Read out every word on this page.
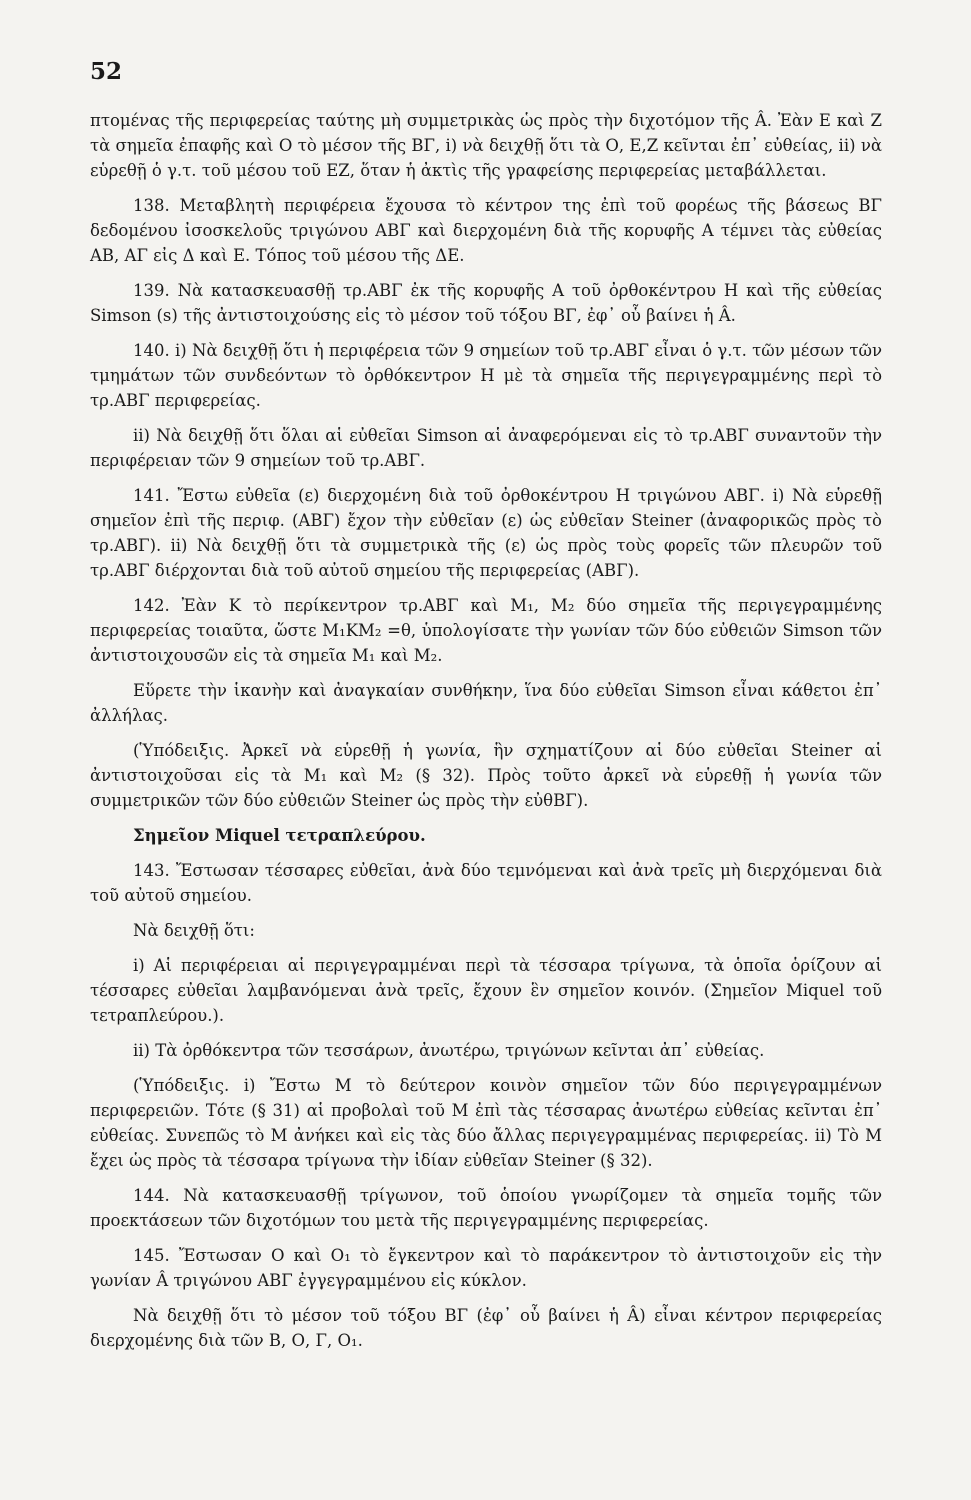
52

πτομένας τῆς περιφερείας ταύτης μὴ συμμετρικὰς ὡς πρὸς τὴν διχοτόμον τῆς Â. Ἐὰν Ε καὶ Ζ τὰ σημεῖα ἐπαφῆς καὶ Ο τὸ μέσον τῆς ΒΓ, i) νὰ δειχθῇ ὅτι τὰ Ο, Ε,Ζ κεῖνται ἐπ᾽ εὐθείας, ii) νὰ εὑρεθῇ ὁ γ.τ. τοῦ μέσου τοῦ ΕΖ, ὅταν ἡ ἀκτὶς τῆς γραφείσης περιφερείας μεταβάλλεται.

138. Μεταβλητὴ περιφέρεια ἔχουσα τὸ κέντρον της ἐπὶ τοῦ φορέως τῆς βάσεως ΒΓ δεδομένου ἰσοσκελοῦς τριγώνου ΑΒΓ καὶ διερχομένη διὰ τῆς κορυφῆς Α τέμνει τὰς εὐθείας ΑΒ, ΑΓ εἰς Δ καὶ Ε. Τόπος τοῦ μέσου τῆς ΔΕ.

139. Νὰ κατασκευασθῇ τρ.ΑΒΓ ἐκ τῆς κορυφῆς Α τοῦ ὀρθοκέντρου Η καὶ τῆς εὐθείας Simson (s) τῆς ἀντιστοιχούσης εἰς τὸ μέσον τοῦ τόξου ΒΓ, ἐφ᾽ οὗ βαίνει ἡ Â.

140. i) Νὰ δειχθῇ ὅτι ἡ περιφέρεια τῶν 9 σημείων τοῦ τρ.ΑΒΓ εἶναι ὁ γ.τ. τῶν μέσων τῶν τμημάτων τῶν συνδεόντων τὸ ὀρθόκεντρον Η μὲ τὰ σημεῖα τῆς περιγεγραμμένης περὶ τὸ τρ.ΑΒΓ περιφερείας.

ii) Νὰ δειχθῇ ὅτι ὅλαι αἱ εὐθεῖαι Simson αἱ ἀναφερόμεναι εἰς τὸ τρ.ΑΒΓ συναντοῦν τὴν περιφέρειαν τῶν 9 σημείων τοῦ τρ.ΑΒΓ.

141. Ἔστω εὐθεῖα (ε) διερχομένη διὰ τοῦ ὀρθοκέντρου Η τριγώνου ΑΒΓ. i) Νὰ εὑρεθῇ σημεῖον ἐπὶ τῆς περιφ. (ΑΒΓ) ἔχον τὴν εὐθεῖαν (ε) ὡς εὐθεῖαν Steiner (ἀναφορικῶς πρὸς τὸ τρ.ΑΒΓ). ii) Νὰ δειχθῇ ὅτι τὰ συμμετρικὰ τῆς (ε) ὡς πρὸς τοὺς φορεῖς τῶν πλευρῶν τοῦ τρ.ΑΒΓ διέρχονται διὰ τοῦ αὐτοῦ σημείου τῆς περιφερείας (ΑΒΓ).

142. Ἐὰν Κ τὸ περίκεντρον τρ.ΑΒΓ καὶ M₁, M₂ δύο σημεῖα τῆς περιγεγραμμένης περιφερείας τοιαῦτα, ὥστε M₁KM₂ =θ, ὑπολογίσατε τὴν γωνίαν τῶν δύο εὐθειῶν Simson τῶν ἀντιστοιχουσῶν εἰς τὰ σημεῖα M₁ καὶ M₂.

Εὕρετε τὴν ἱκανὴν καὶ ἀναγκαίαν συνθήκην, ἵνα δύο εὐθεῖαι Simson εἶναι κάθετοι ἐπ᾽ ἀλλήλας.

(Ὑπόδειξις. Ἀρκεῖ νὰ εὑρεθῇ ἡ γωνία, ἣν σχηματίζουν αἱ δύο εὐθεῖαι Steiner αἱ ἀντιστοιχοῦσαι εἰς τὰ M₁ καὶ M₂ (§ 32). Πρὸς τοῦτο ἀρκεῖ νὰ εὑρεθῇ ἡ γωνία τῶν συμμετρικῶν τῶν δύο εὐθειῶν Steiner ὡς πρὸς τὴν εὐθΒΓ).

Σημεῖον Miquel τετραπλεύρου.

143. Ἔστωσαν τέσσαρες εὐθεῖαι, ἀνὰ δύο τεμνόμεναι καὶ ἀνὰ τρεῖς μὴ διερχόμεναι διὰ τοῦ αὐτοῦ σημείου.

Νὰ δειχθῇ ὅτι:

i) Αἱ περιφέρειαι αἱ περιγεγραμμέναι περὶ τὰ τέσσαρα τρίγωνα, τὰ ὁποῖα ὁρίζουν αἱ τέσσαρες εὐθεῖαι λαμβανόμεναι ἀνὰ τρεῖς, ἔχουν ἓν σημεῖον κοινόν. (Σημεῖον Miquel τοῦ τετραπλεύρου.).

ii) Τὰ ὀρθόκεντρα τῶν τεσσάρων, ἀνωτέρω, τριγώνων κεῖνται ἀπ᾽ εὐθείας.

(Ὑπόδειξις. i) Ἔστω Μ τὸ δεύτερον κοινὸν σημεῖον τῶν δύο περιγεγραμμένων περιφερειῶν. Τότε (§ 31) αἱ προβολαὶ τοῦ Μ ἐπὶ τὰς τέσσαρας ἀνωτέρω εὐθείας κεῖνται ἐπ᾽ εὐθείας. Συνεπῶς τὸ Μ ἀνήκει καὶ εἰς τὰς δύο ἄλλας περιγεγραμμένας περιφερείας. ii) Τὸ Μ ἔχει ὡς πρὸς τὰ τέσσαρα τρίγωνα τὴν ἰδίαν εὐθεῖαν Steiner (§ 32).

144. Νὰ κατασκευασθῇ τρίγωνον, τοῦ ὁποίου γνωρίζομεν τὰ σημεῖα τομῆς τῶν προεκτάσεων τῶν διχοτόμων του μετὰ τῆς περιγεγραμμένης περιφερείας.

145. Ἔστωσαν Ο καὶ O₁ τὸ ἔγκεντρον καὶ τὸ παράκεντρον τὸ ἀντιστοιχοῦν εἰς τὴν γωνίαν Â τριγώνου ΑΒΓ ἐγγεγραμμένου εἰς κύκλον.

Νὰ δειχθῇ ὅτι τὸ μέσον τοῦ τόξου ΒΓ (ἐφ᾽ οὗ βαίνει ἡ Â) εἶναι κέντρον περιφερείας διερχομένης διὰ τῶν Β, Ο, Γ, O₁.
